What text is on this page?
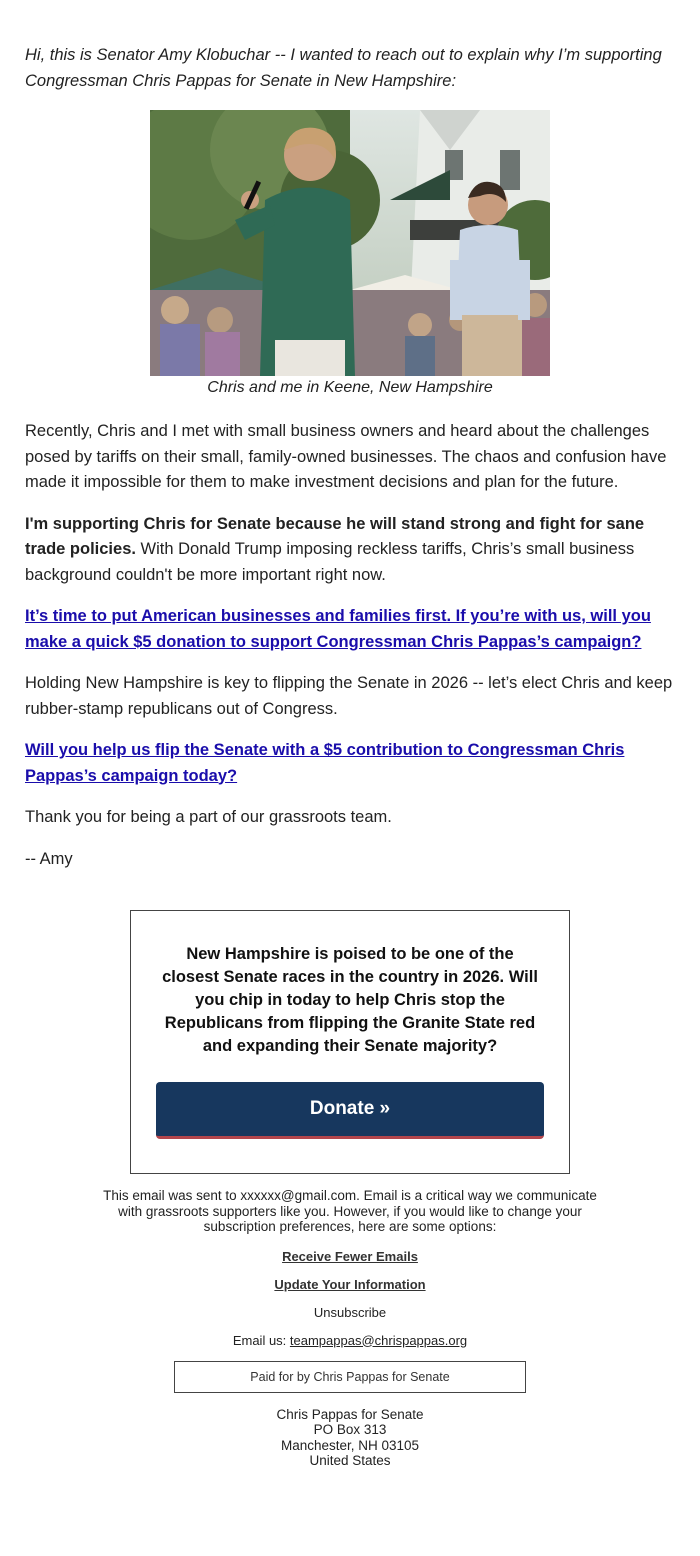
Hi, this is Senator Amy Klobuchar -- I wanted to reach out to explain why I’m supporting Congressman Chris Pappas for Senate in New Hampshire:

Chris and me in Keene, New Hampshire

Recently, Chris and I met with small business owners and heard about the challenges posed by tariffs on their small, family-owned businesses. The chaos and confusion have made it impossible for them to make investment decisions and plan for the future.

I'm supporting Chris for Senate because he will stand strong and fight for sane trade policies. With Donald Trump imposing reckless tariffs, Chris’s small business background couldn't be more important right now.

It’s time to put American businesses and families first. If you’re with us, will you make a quick $5 donation to support Congressman Chris Pappas’s campaign?

Holding New Hampshire is key to flipping the Senate in 2026 -- let’s elect Chris and keep rubber-stamp republicans out of Congress.

Will you help us flip the Senate with a $5 contribution to Congressman Chris Pappas’s campaign today?

Thank you for being a part of our grassroots team.

-- Amy

New Hampshire is poised to be one of the closest Senate races in the country in 2026. Will you chip in today to help Chris stop the Republicans from flipping the Granite State red and expanding their Senate majority?

Donate »
This email was sent to xxxxxx@gmail.com. Email is a critical way we communicate with grassroots supporters like you. However, if you would like to change your subscription preferences, here are some options:
Receive Fewer Emails
Update Your Information
Unsubscribe
Email us: teampappas@chrispappas.org
Paid for by Chris Pappas for Senate
Chris Pappas for Senate
PO Box 313
Manchester, NH 03105
United States
